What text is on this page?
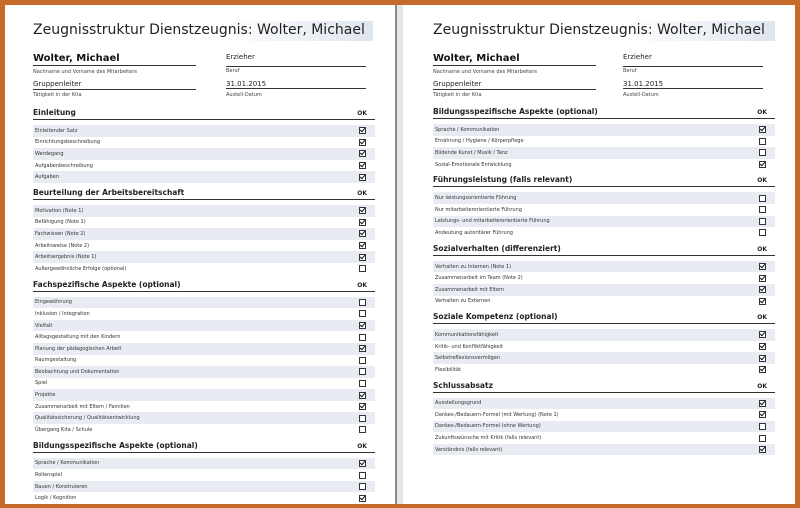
Zeugnisstruktur Dienstzeugnis: Wolter, Michael
Wolter, Michael
Nachname und Vorname des Mitarbeiters
Erzieher
Beruf
Gruppenleiter
Tätigkeit in der Kita
31.01.2015
Austell-Datum
Einleitung	OK
Einleitender Satz
Einrichtungsbeschreibung
Werdegang
Aufgabenbeschreibung
Aufgaben
Beurteilung der Arbeitsbereitschaft	OK
Motivation (Note 1)
Befähigung (Note 1)
Fachwissen (Note 2)
Arbeitsweise (Note 2)
Arbeitsergebnis (Note 1)
Außergewöhnliche Erfolge (optional)
Fachspezifische Aspekte (optional)	OK
Eingewöhnung
Inklusion / Integration
Vielfalt
Alltagsgestaltung mit den Kindern
Planung der pädagogischen Arbeit
Raumgestaltung
Beobachtung und Dokumentation
Spiel
Projekte
Zusammenarbeit mit Eltern / Familien
Qualitätssicherung / Qualitätsentwicklung
Übergang Kita / Schule
Bildungsspezifische Aspekte (optional)	OK
Sprache / Kommunikation
Rollenspiel
Bauen / Konstruieren
Logik / Kognition
Zeugnisstruktur Dienstzeugnis: Wolter, Michael
Wolter, Michael
Nachname und Vorname des Mitarbeiters
Erzieher
Beruf
Gruppenleiter
Tätigkeit in der Kita
31.01.2015
Austell-Datum
Bildungsspezifische Aspekte (optional)	OK
Sprache / Kommunikation
Ernährung / Hygiene / Körperpflege
Bildende Kunst / Musik / Tanz
Sozial-Emotionale Entwicklung
Führungsleistung (falls relevant)	OK
Nur leistungsorientierte Führung
Nur mitarbeiterorientierte Führung
Leistungs- und mitarbeiterorientierte Führung
Andeutung autoritärer Führung
Sozialverhalten (differenziert)	OK
Verhalten zu Internen (Note 1)
Zusammenarbeit im Team (Note 2)
Zusammenarbeit mit Eltern
Verhalten zu Externen
Soziale Kompetenz (optional)	OK
Kommunikationsfähigkeit
Kritik- und Konfliktfähigkeit
Selbstreflexionsvermögen
Flexibilität
Schlussabsatz	OK
Ausstellungsgrund
Dankes-/Bedauern-Formel (mit Wertung) (Note 1)
Dankes-/Bedauern-Formel (ohne Wertung)
Zukunftswünsche mit Kritik (falls relevant)
Verständnis (falls relevant)
